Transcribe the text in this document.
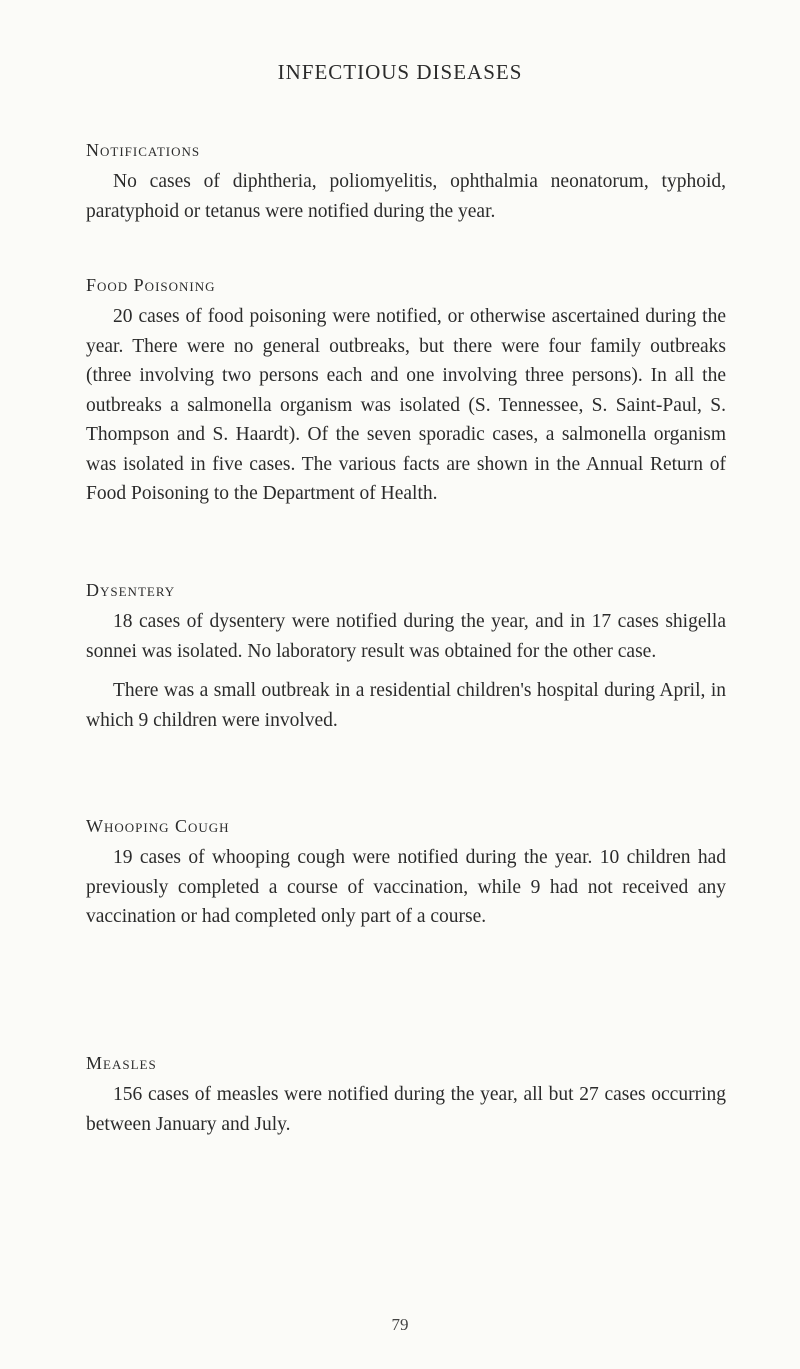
INFECTIOUS DISEASES
Notifications

No cases of diphtheria, poliomyelitis, ophthalmia neonatorum, typhoid, paratyphoid or tetanus were notified during the year.

Food Poisoning

20 cases of food poisoning were notified, or otherwise ascertained during the year. There were no general outbreaks, but there were four family outbreaks (three involving two persons each and one involving three persons). In all the outbreaks a salmonella organism was isolated (S. Tennessee, S. Saint-Paul, S. Thompson and S. Haardt). Of the seven sporadic cases, a salmonella organism was isolated in five cases. The various facts are shown in the Annual Return of Food Poisoning to the Department of Health.

Dysentery

18 cases of dysentery were notified during the year, and in 17 cases shigella sonnei was isolated. No laboratory result was obtained for the other case.

There was a small outbreak in a residential children's hospital during April, in which 9 children were involved.

Whooping Cough

19 cases of whooping cough were notified during the year. 10 children had previously completed a course of vaccination, while 9 had not received any vaccination or had completed only part of a course.

Measles

156 cases of measles were notified during the year, all but 27 cases occurring between January and July.

79
